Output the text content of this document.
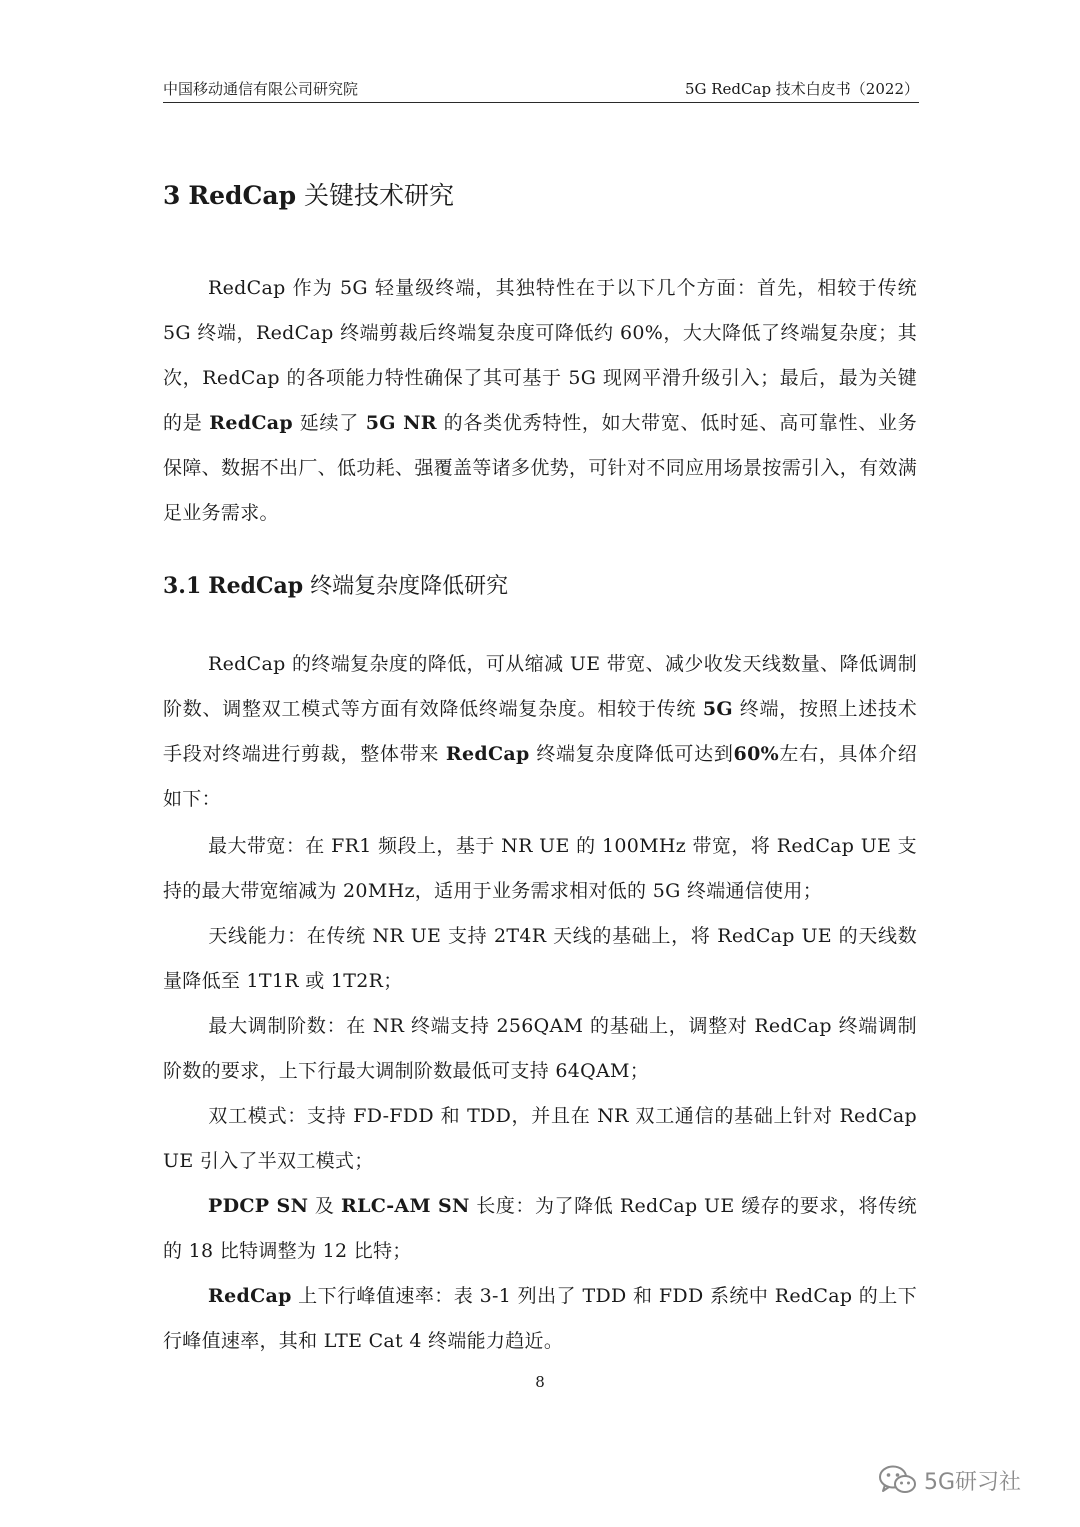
中国移动通信有限公司研究院	5G RedCap 技术白皮书（2022）
3 RedCap 关键技术研究

RedCap 作为 5G 轻量级终端，其独特性在于以下几个方面：首先，相较于传统 5G 终端，RedCap 终端剪裁后终端复杂度可降低约 60%，大大降低了终端复杂度；其次，RedCap 的各项能力特性确保了其可基于 5G 现网平滑升级引入；最后，最为关键的是 RedCap 延续了 5G NR 的各类优秀特性，如大带宽、低时延、高可靠性、业务保障、数据不出厂、低功耗、强覆盖等诸多优势，可针对不同应用场景按需引入，有效满足业务需求。

3.1 RedCap 终端复杂度降低研究

RedCap 的终端复杂度的降低，可从缩减 UE 带宽、减少收发天线数量、降低调制阶数、调整双工模式等方面有效降低终端复杂度。相较于传统 5G 终端，按照上述技术手段对终端进行剪裁，整体带来 RedCap 终端复杂度降低可达到60%左右，具体介绍如下：

最大带宽：在 FR1 频段上，基于 NR UE 的 100MHz 带宽，将 RedCap UE 支持的最大带宽缩减为 20MHz，适用于业务需求相对低的 5G 终端通信使用；

天线能力：在传统 NR UE 支持 2T4R 天线的基础上，将 RedCap UE 的天线数量降低至 1T1R 或 1T2R；

最大调制阶数：在 NR 终端支持 256QAM 的基础上，调整对 RedCap 终端调制阶数的要求，上下行最大调制阶数最低可支持 64QAM；

双工模式：支持 FD-FDD 和 TDD，并且在 NR 双工通信的基础上针对 RedCap UE 引入了半双工模式；

PDCP SN 及 RLC-AM SN 长度：为了降低 RedCap UE 缓存的要求，将传统的 18 比特调整为 12 比特；

RedCap 上下行峰值速率：表 3-1 列出了 TDD 和 FDD 系统中 RedCap 的上下行峰值速率，其和 LTE Cat 4 终端能力趋近。

8
5G研习社
